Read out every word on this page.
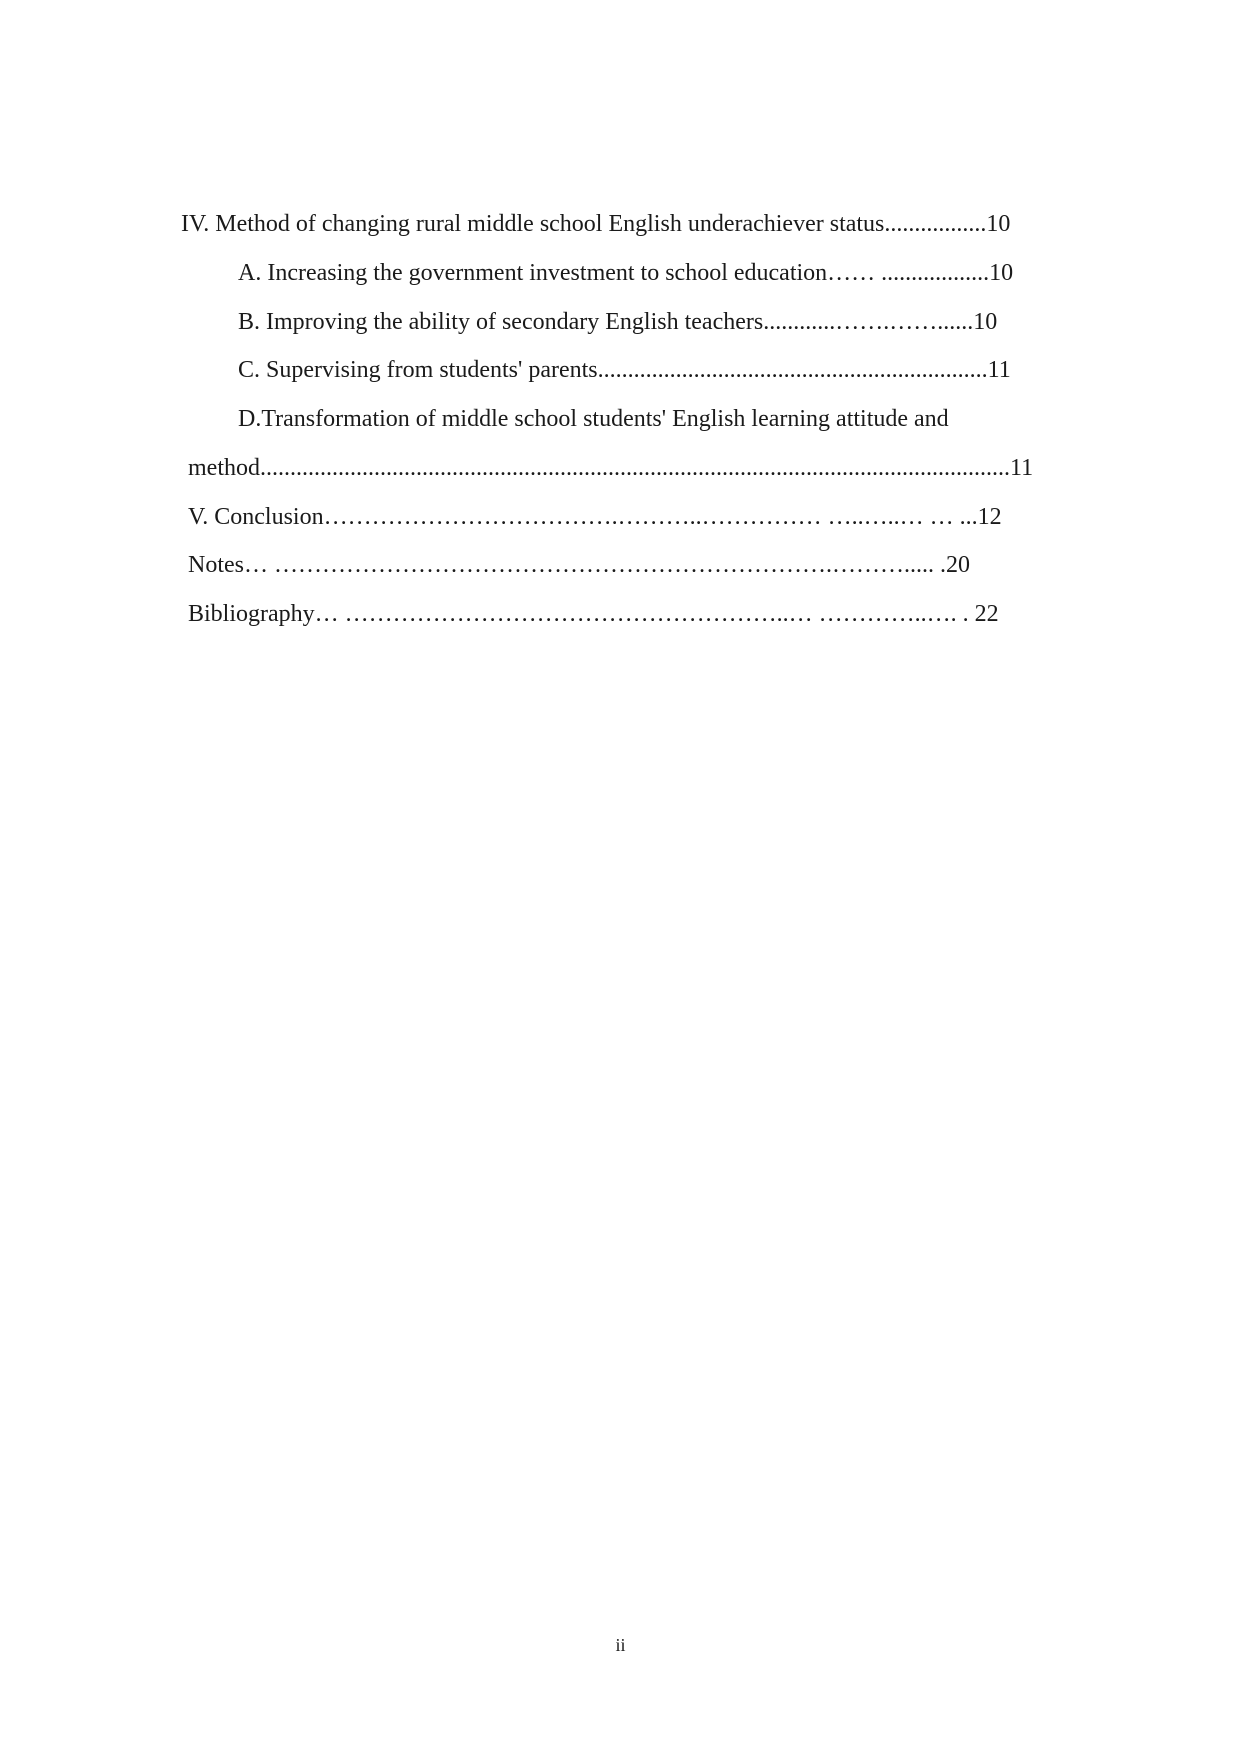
IV. Method of changing rural middle school English underachiever status.................10
A. Increasing the government investment to school education…… ..................10
B. Improving the ability of secondary English teachers............…….……......10
C. Supervising from students' parents.................................................................11
D.Transformation of middle school students' English learning attitude and
method.............................................................................................................................11
V. Conclusion……………………………….………..…………… …..…..… … ...12
Notes… …………………………………………………………….………..... .20
Bibliography… ………………………………………………..… …………..…. . 22
ii
